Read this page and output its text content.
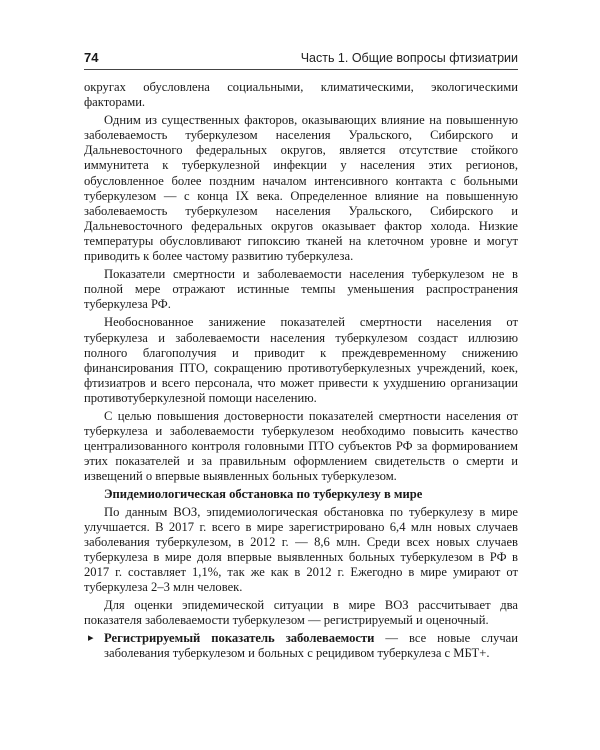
74	Часть 1. Общие вопросы фтизиатрии

округах обусловлена социальными, климатическими, экологическими факторами.

Одним из существенных факторов, оказывающих влияние на повышенную заболеваемость туберкулезом населения Уральского, Сибирского и Дальневосточного федеральных округов, является отсутствие стойкого иммунитета к туберкулезной инфекции у населения этих регионов, обусловленное более поздним началом интенсивного контакта с больными туберкулезом — с конца IX века. Определенное влияние на повышенную заболеваемость туберкулезом населения Уральского, Сибирского и Дальневосточного федеральных округов оказывает фактор холода. Низкие температуры обусловливают гипоксию тканей на клеточном уровне и могут приводить к более частому развитию туберкулеза.

Показатели смертности и заболеваемости населения туберкулезом не в полной мере отражают истинные темпы уменьшения распространения туберкулеза РФ.

Необоснованное занижение показателей смертности населения от туберкулеза и заболеваемости населения туберкулезом создаст иллюзию полного благополучия и приводит к преждевременному снижению финансирования ПТО, сокращению противотуберкулезных учреждений, коек, фтизиатров и всего персонала, что может привести к ухудшению организации противотуберкулезной помощи населению.

С целью повышения достоверности показателей смертности населения от туберкулеза и заболеваемости туберкулезом необходимо повысить качество централизованного контроля головными ПТО субъектов РФ за формированием этих показателей и за правильным оформлением свидетельств о смерти и извещений о впервые выявленных больных туберкулезом.

Эпидемиологическая обстановка по туберкулезу в мире

По данным ВОЗ, эпидемиологическая обстановка по туберкулезу в мире улучшается. В 2017 г. всего в мире зарегистрировано 6,4 млн новых случаев заболевания туберкулезом, в 2012 г. — 8,6 млн. Среди всех новых случаев туберкулеза в мире доля впервые выявленных больных туберкулезом в РФ в 2017 г. составляет 1,1%, так же как в 2012 г. Ежегодно в мире умирают от туберкулеза 2–3 млн человек.

Для оценки эпидемической ситуации в мире ВОЗ рассчитывает два показателя заболеваемости туберкулезом — регистрируемый и оценочный.

▸ Регистрируемый показатель заболеваемости — все новые случаи заболевания туберкулезом и больных с рецидивом туберкулеза с МБТ+.
